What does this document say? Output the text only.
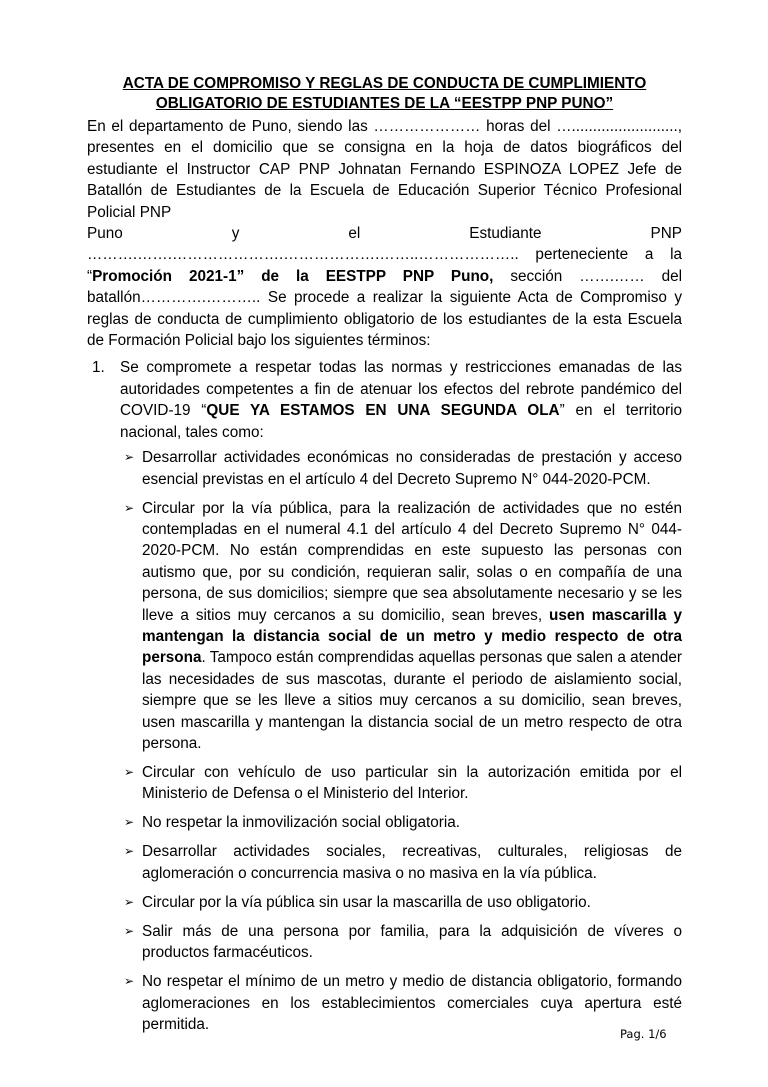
ACTA DE COMPROMISO Y REGLAS DE CONDUCTA DE CUMPLIMIENTO
OBLIGATORIO DE ESTUDIANTES DE LA “EESTPP PNP PUNO”
En el departamento de Puno, siendo las ………………… horas del …........................., presentes en el domicilio que se consigna en la hoja de datos biográficos del estudiante el Instructor CAP PNP Johnatan Fernando ESPINOZA LOPEZ Jefe de Batallón de Estudiantes de la Escuela de Educación Superior Técnico Profesional Policial PNP
Puno y el Estudiante PNP
……….…….………………….……………….……..……………….. perteneciente a la
“Promoción 2021-1” de la EESTPP PNP Puno, sección …….…… del
batallón………….……….. Se procede a realizar la siguiente Acta de Compromiso y reglas de conducta de cumplimiento obligatorio de los estudiantes de la esta Escuela de Formación Policial bajo los siguientes términos:
1. Se compromete a respetar todas las normas y restricciones emanadas de las autoridades competentes a fin de atenuar los efectos del rebrote pandémico del COVID-19 “QUE YA ESTAMOS EN UNA SEGUNDA OLA” en el territorio nacional, tales como:
➢ Desarrollar actividades económicas no consideradas de prestación y acceso esencial previstas en el artículo 4 del Decreto Supremo N° 044-2020-PCM.
➢ Circular por la vía pública, para la realización de actividades que no estén contempladas en el numeral 4.1 del artículo 4 del Decreto Supremo N° 044-2020-PCM. No están comprendidas en este supuesto las personas con autismo que, por su condición, requieran salir, solas o en compañía de una persona, de sus domicilios; siempre que sea absolutamente necesario y se les lleve a sitios muy cercanos a su domicilio, sean breves, usen mascarilla y mantengan la distancia social de un metro y medio respecto de otra persona. Tampoco están comprendidas aquellas personas que salen a atender las necesidades de sus mascotas, durante el periodo de aislamiento social, siempre que se les lleve a sitios muy cercanos a su domicilio, sean breves, usen mascarilla y mantengan la distancia social de un metro respecto de otra persona.
➢ Circular con vehículo de uso particular sin la autorización emitida por el Ministerio de Defensa o el Ministerio del Interior.
➢ No respetar la inmovilización social obligatoria.
➢ Desarrollar actividades sociales, recreativas, culturales, religiosas de aglomeración o concurrencia masiva o no masiva en la vía pública.
➢ Circular por la vía pública sin usar la mascarilla de uso obligatorio.
➢ Salir más de una persona por familia, para la adquisición de víveres o productos farmacéuticos.
➢ No respetar el mínimo de un metro y medio de distancia obligatorio, formando aglomeraciones en los establecimientos comerciales cuya apertura esté permitida.
Pag. 1/6
